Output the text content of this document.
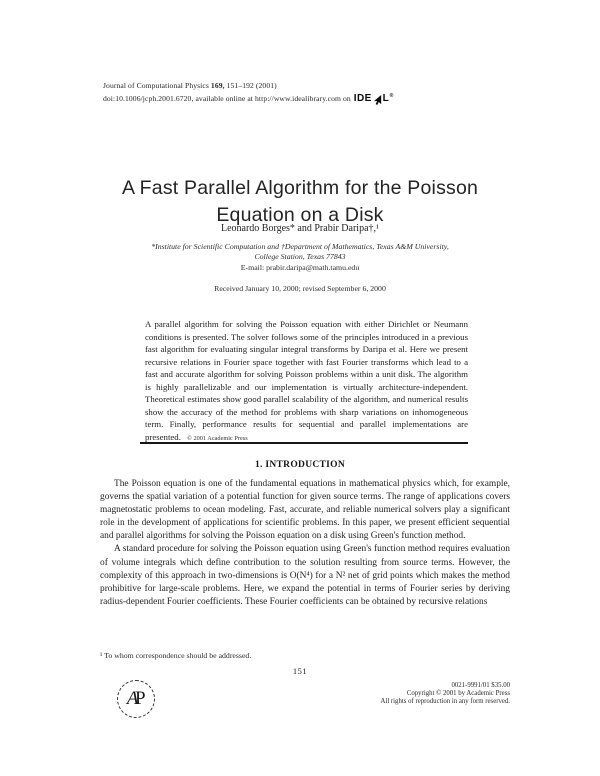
Journal of Computational Physics 169, 151–192 (2001)
doi:10.1006/jcph.2001.6720, available online at http://www.idealibrary.com on IDE L®
A Fast Parallel Algorithm for the Poisson
Equation on a Disk
Leonardo Borges* and Prabir Daripa†,¹
*Institute for Scientific Computation and †Department of Mathematics, Texas A&M University,
College Station, Texas 77843
E-mail: prabir.daripa@math.tamu.edu
Received January 10, 2000; revised September 6, 2000
A parallel algorithm for solving the Poisson equation with either Dirichlet or Neumann conditions is presented. The solver follows some of the principles introduced in a previous fast algorithm for evaluating singular integral transforms by Daripa et al. Here we present recursive relations in Fourier space together with fast Fourier transforms which lead to a fast and accurate algorithm for solving Poisson problems within a unit disk. The algorithm is highly parallelizable and our implementation is virtually architecture-independent. Theoretical estimates show good parallel scalability of the algorithm, and numerical results show the accuracy of the method for problems with sharp variations on inhomogeneous term. Finally, performance results for sequential and parallel implementations are presented. © 2001 Academic Press
1. INTRODUCTION

The Poisson equation is one of the fundamental equations in mathematical physics which, for example, governs the spatial variation of a potential function for given source terms. The range of applications covers magnetostatic problems to ocean modeling. Fast, accurate, and reliable numerical solvers play a significant role in the development of applications for scientific problems. In this paper, we present efficient sequential and parallel algorithms for solving the Poisson equation on a disk using Green's function method.

A standard procedure for solving the Poisson equation using Green's function method requires evaluation of volume integrals which define contribution to the solution resulting from source terms. However, the complexity of this approach in two-dimensions is O(N⁴) for a N² net of grid points which makes the method prohibitive for large-scale problems. Here, we expand the potential in terms of Fourier series by deriving radius-dependent Fourier coefficients. These Fourier coefficients can be obtained by recursive relations

¹ To whom correspondence should be addressed.
151
A P
0021-9991/01 $35.00
Copyright © 2001 by Academic Press
All rights of reproduction in any form reserved.
